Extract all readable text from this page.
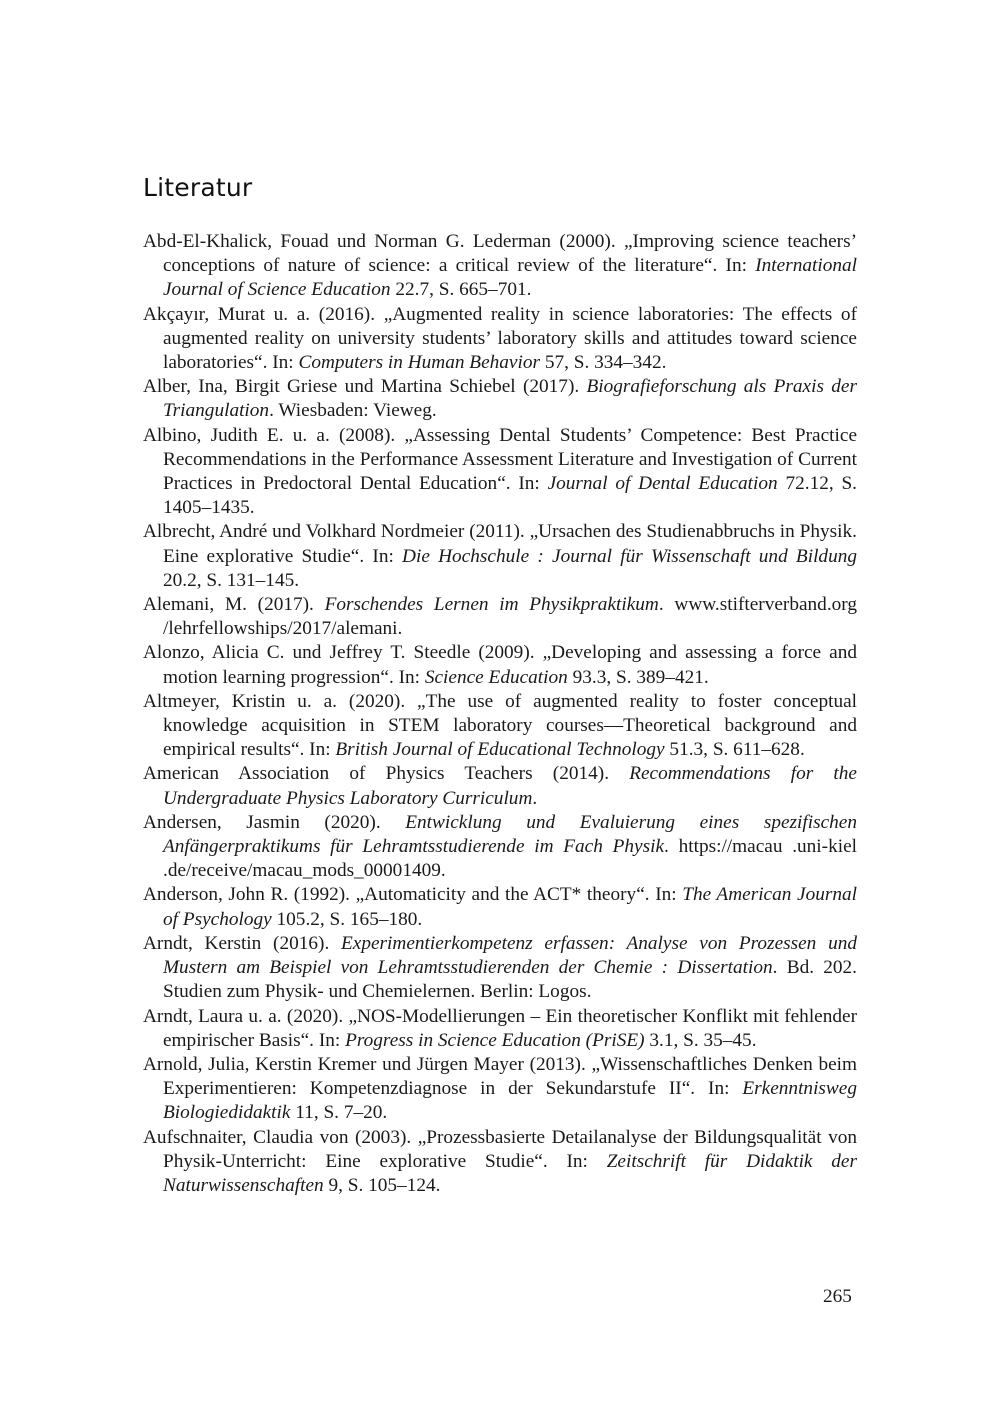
Literatur
Abd-El-Khalick, Fouad und Norman G. Lederman (2000). „Improving science teachers’ conceptions of nature of science: a critical review of the literature“. In: International Journal of Science Education 22.7, S. 665–701.
Akçayır, Murat u. a. (2016). „Augmented reality in science laboratories: The effects of augmented reality on university students’ laboratory skills and attitudes toward science laboratories“. In: Computers in Human Behavior 57, S. 334–342.
Alber, Ina, Birgit Griese und Martina Schiebel (2017). Biografieforschung als Praxis der Triangulation. Wiesbaden: Vieweg.
Albino, Judith E. u. a. (2008). „Assessing Dental Students’ Competence: Best Practice Recommendations in the Performance Assessment Literature and Investigation of Current Practices in Predoctoral Dental Education“. In: Journal of Dental Education 72.12, S. 1405–1435.
Albrecht, André und Volkhard Nordmeier (2011). „Ursachen des Studienabbruchs in Physik. Eine explorative Studie“. In: Die Hochschule : Journal für Wissenschaft und Bildung 20.2, S. 131–145.
Alemani, M. (2017). Forschendes Lernen im Physikpraktikum. www.stifterverband.org /lehrfellowships/2017/alemani.
Alonzo, Alicia C. und Jeffrey T. Steedle (2009). „Developing and assessing a force and motion learning progression“. In: Science Education 93.3, S. 389–421.
Altmeyer, Kristin u. a. (2020). „The use of augmented reality to foster conceptual knowledge acquisition in STEM laboratory courses—Theoretical background and empirical results“. In: British Journal of Educational Technology 51.3, S. 611–628.
American Association of Physics Teachers (2014). Recommendations for the Undergraduate Physics Laboratory Curriculum.
Andersen, Jasmin (2020). Entwicklung und Evaluierung eines spezifischen Anfängerpraktikums für Lehramtsstudierende im Fach Physik. https://macau .uni-kiel .de/receive/macau_mods_00001409.
Anderson, John R. (1992). „Automaticity and the ACT* theory“. In: The American Journal of Psychology 105.2, S. 165–180.
Arndt, Kerstin (2016). Experimentierkompetenz erfassen: Analyse von Prozessen und Mustern am Beispiel von Lehramtsstudierenden der Chemie : Dissertation. Bd. 202. Studien zum Physik- und Chemielernen. Berlin: Logos.
Arndt, Laura u. a. (2020). „NOS-Modellierungen – Ein theoretischer Konflikt mit fehlender empirischer Basis“. In: Progress in Science Education (PriSE) 3.1, S. 35–45.
Arnold, Julia, Kerstin Kremer und Jürgen Mayer (2013). „Wissenschaftliches Denken beim Experimentieren: Kompetenzdiagnose in der Sekundarstufe II“. In: Erkenntnisweg Biologiedidaktik 11, S. 7–20.
Aufschnaiter, Claudia von (2003). „Prozessbasierte Detailanalyse der Bildungsqualität von Physik-Unterricht: Eine explorative Studie“. In: Zeitschrift für Didaktik der Naturwissenschaften 9, S. 105–124.
265
